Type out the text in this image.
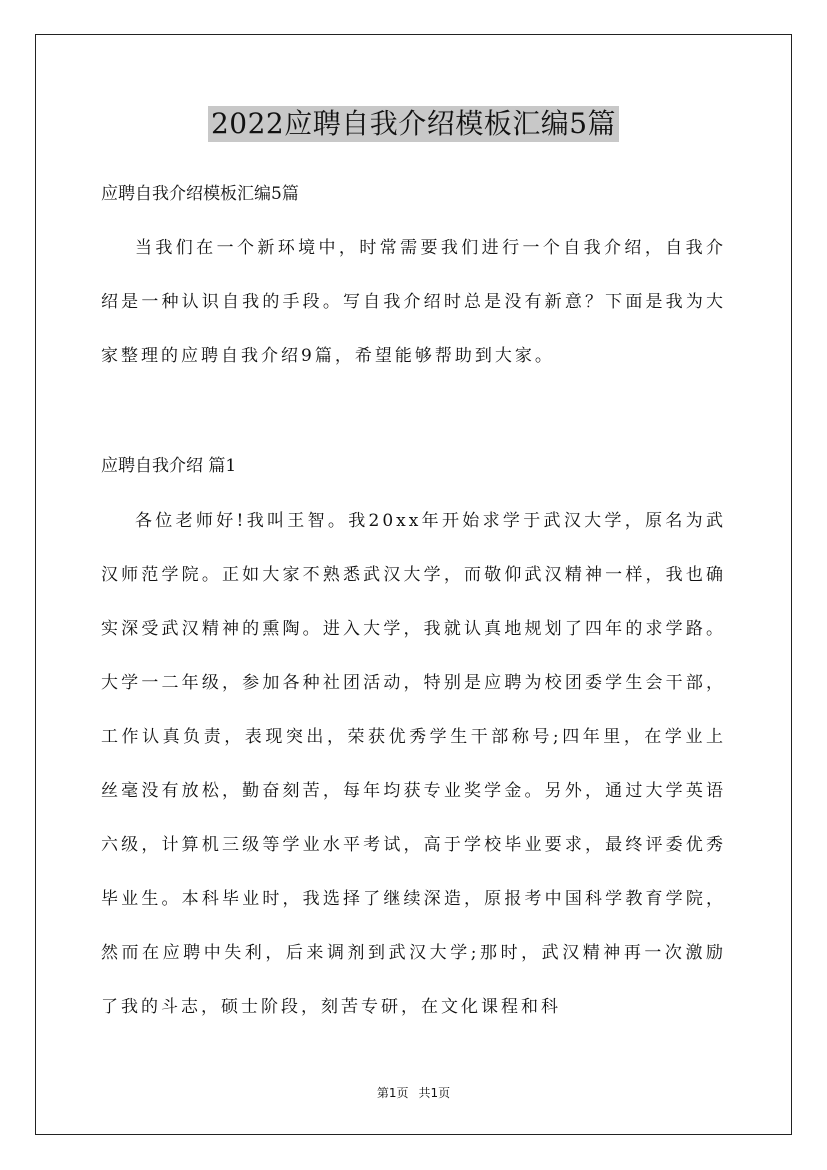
2022应聘自我介绍模板汇编5篇

应聘自我介绍模板汇编5篇

当我们在一个新环境中，时常需要我们进行一个自我介绍，自我介绍是一种认识自我的手段。写自我介绍时总是没有新意？下面是我为大家整理的应聘自我介绍9篇，希望能够帮助到大家。

应聘自我介绍 篇1

各位老师好!我叫王智。我20xx年开始求学于武汉大学，原名为武汉师范学院。正如大家不熟悉武汉大学，而敬仰武汉精神一样，我也确实深受武汉精神的熏陶。进入大学，我就认真地规划了四年的求学路。大学一二年级，参加各种社团活动，特别是应聘为校团委学生会干部，工作认真负责，表现突出，荣获优秀学生干部称号;四年里，在学业上丝毫没有放松，勤奋刻苦，每年均获专业奖学金。另外，通过大学英语六级，计算机三级等学业水平考试，高于学校毕业要求，最终评委优秀毕业生。本科毕业时，我选择了继续深造，原报考中国科学教育学院，然而在应聘中失利，后来调剂到武汉大学;那时，武汉精神再一次激励了我的斗志，硕士阶段，刻苦专研，在文化课程和科

第1页 共1页
